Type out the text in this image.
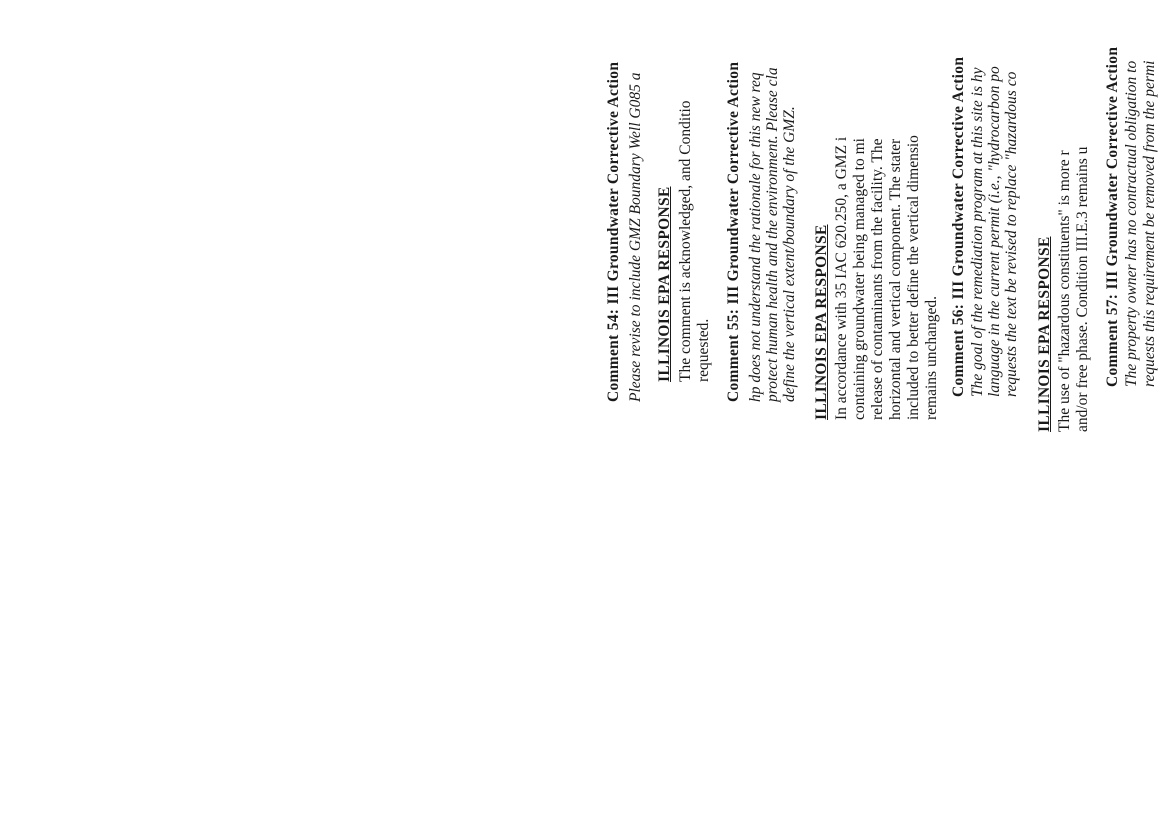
Comment 54: III Groundwater Corrective Action Please revise to include GMZ Boundary Well G085 a ILLINOIS EPA RESPONSE The comment is acknowledged, and Conditio requested. Comment 55: III Groundwater Corrective Action hp does not understand the rationale for this new req protect human health and the environment. Please cla define the vertical extent/boundary of the GMZ. ILLINOIS EPA RESPONSE In accordance with 35 IAC 620.250, a GMZ i containing groundwater being managed to mi release of contaminants from the facility. The horizontal and vertical component. The stater included to better define the vertical dimensio remains unchanged. Comment 56: III Groundwater Corrective Action The goal of the remediation program at this site is hy language in the current permit (i.e., "hydrocarbon po requests the text be revised to replace "hazardous co ILLINOIS EPA RESPONSE The use of "hazardous constituents" is more r and/or free phase. Condition III.E.3 remains u Comment 57: III Groundwater Corrective Action The property owner has no contractual obligation to requests this requirement be removed from the permi
